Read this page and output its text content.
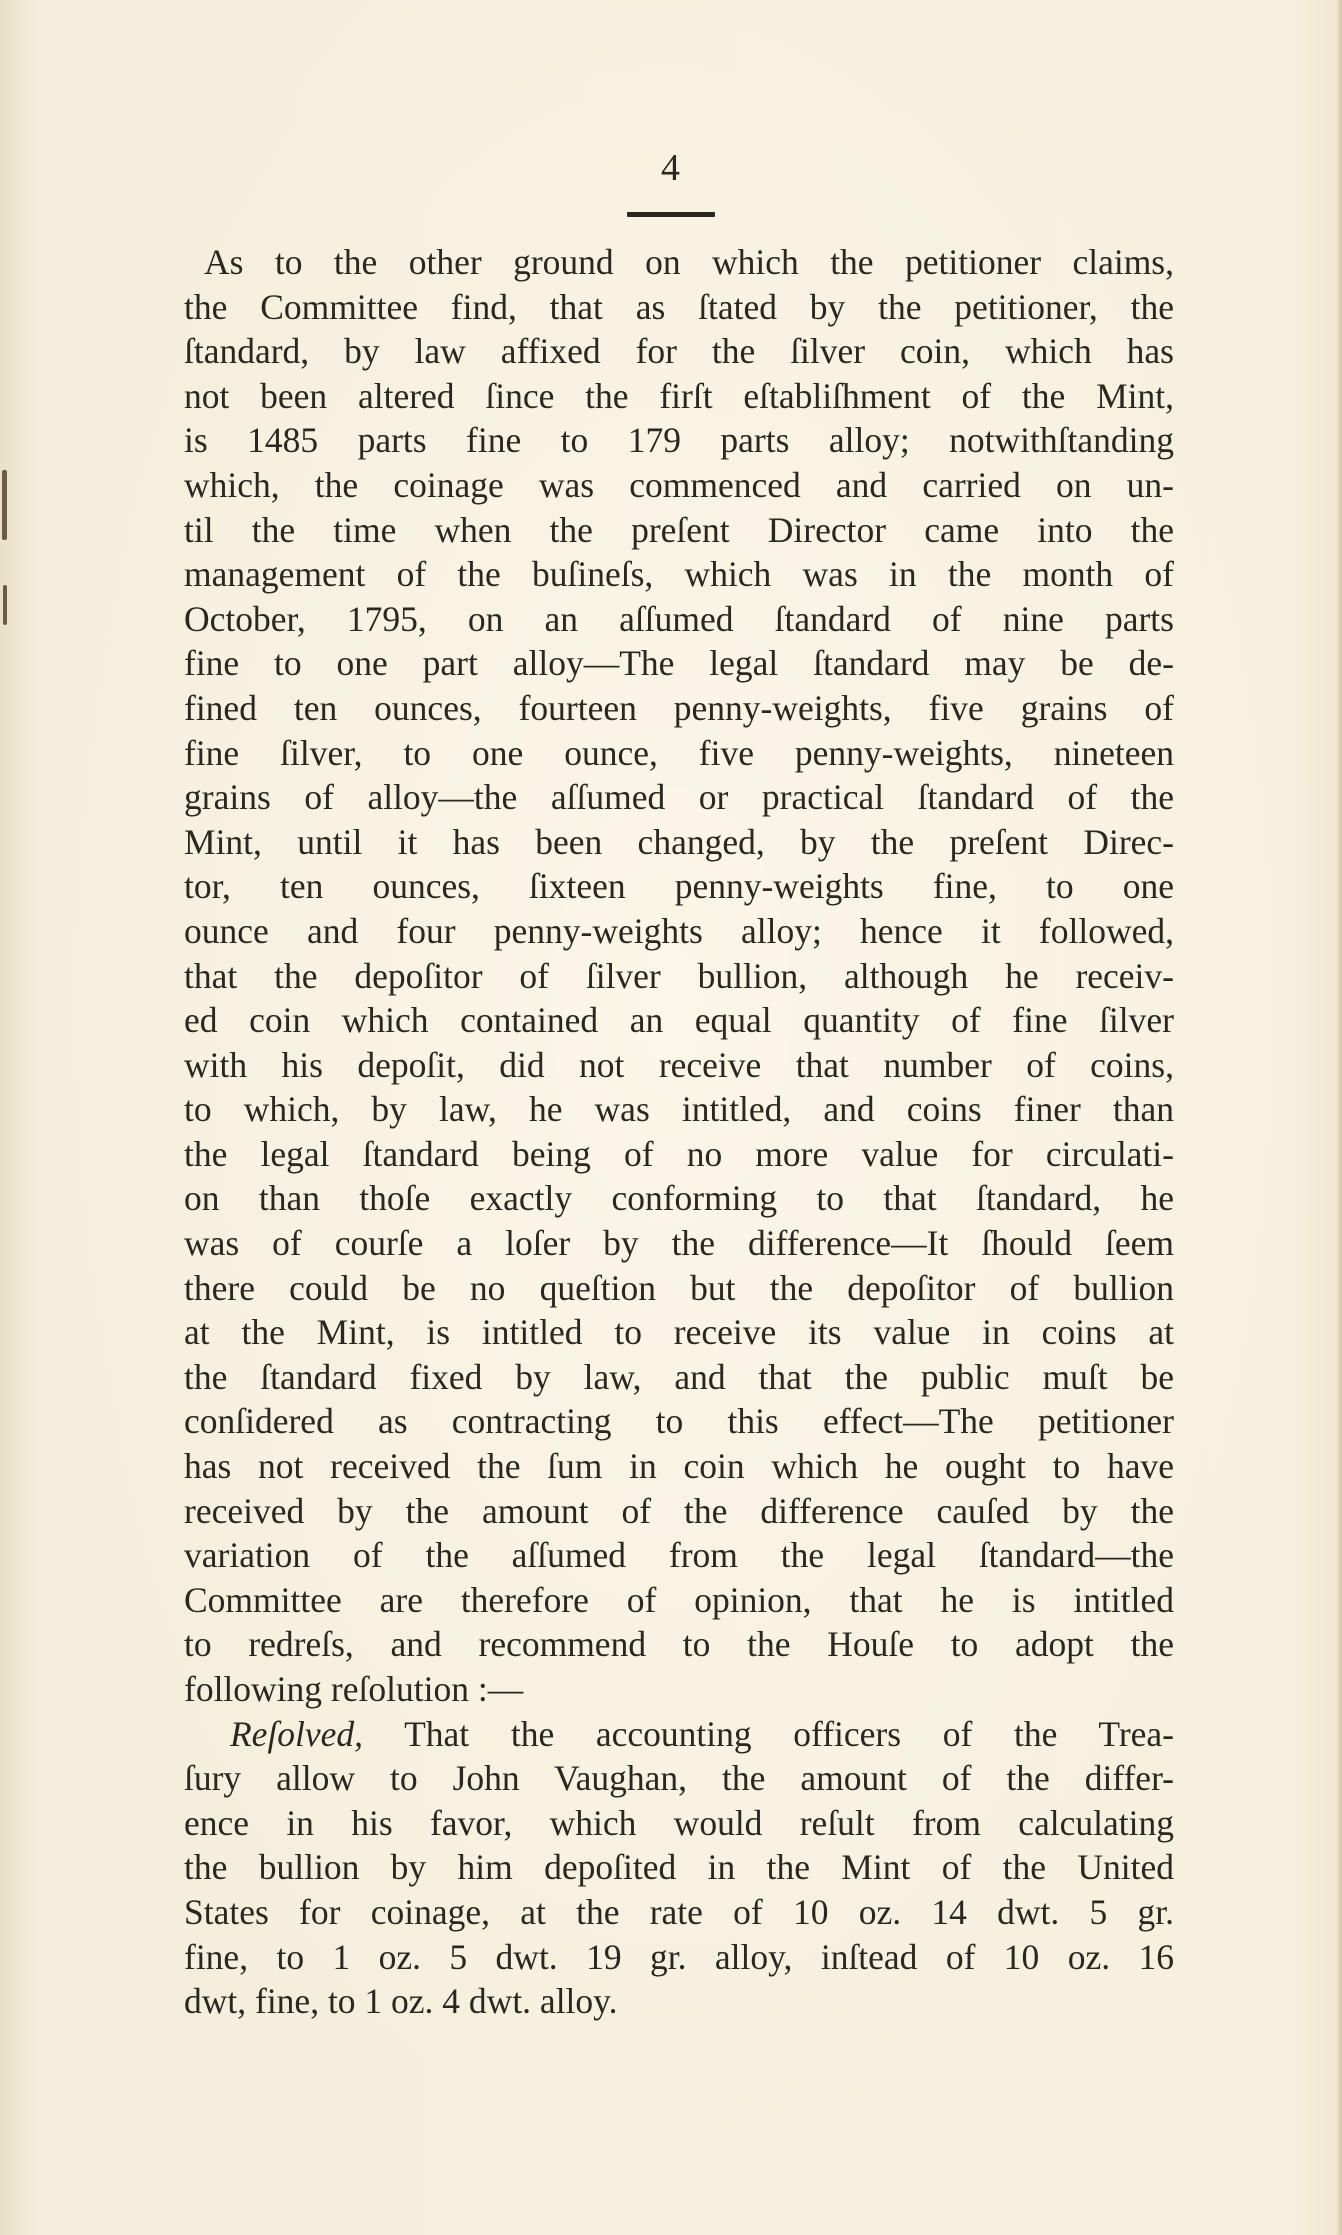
4
As to the other ground on which the petitioner claims,
the Committee find, that as ſtated by the petitioner, the
ſtandard, by law affixed for the ſilver coin, which has
not been altered ſince the firſt eſtabliſhment of the Mint,
is 1485 parts fine to 179 parts alloy; notwithſtanding
which, the coinage was commenced and carried on un-
til the time when the preſent Director came into the
management of the buſineſs, which was in the month of
October, 1795, on an aſſumed ſtandard of nine parts
fine to one part alloy—The legal ſtandard may be de-
fined ten ounces, fourteen penny-weights, five grains of
fine ſilver, to one ounce, five penny-weights, nineteen
grains of alloy—the aſſumed or practical ſtandard of the
Mint, until it has been changed, by the preſent Direc-
tor, ten ounces, ſixteen penny-weights fine, to one
ounce and four penny-weights alloy; hence it followed,
that the depoſitor of ſilver bullion, although he receiv-
ed coin which contained an equal quantity of fine ſilver
with his depoſit, did not receive that number of coins,
to which, by law, he was intitled, and coins finer than
the legal ſtandard being of no more value for circulati-
on than thoſe exactly conforming to that ſtandard, he
was of courſe a loſer by the difference—It ſhould ſeem
there could be no queſtion but the depoſitor of bullion
at the Mint, is intitled to receive its value in coins at
the ſtandard fixed by law, and that the public muſt be
conſidered as contracting to this effect—The petitioner
has not received the ſum in coin which he ought to have
received by the amount of the difference cauſed by the
variation of the aſſumed from the legal ſtandard—the
Committee are therefore of opinion, that he is intitled
to redreſs, and recommend to the Houſe to adopt the
following reſolution :—
Reſolved, That the accounting officers of the Trea-
ſury allow to John Vaughan, the amount of the differ-
ence in his favor, which would reſult from calculating
the bullion by him depoſited in the Mint of the United
States for coinage, at the rate of 10 oz. 14 dwt. 5 gr.
fine, to 1 oz. 5 dwt. 19 gr. alloy, inſtead of 10 oz. 16
dwt, fine, to 1 oz. 4 dwt. alloy.
